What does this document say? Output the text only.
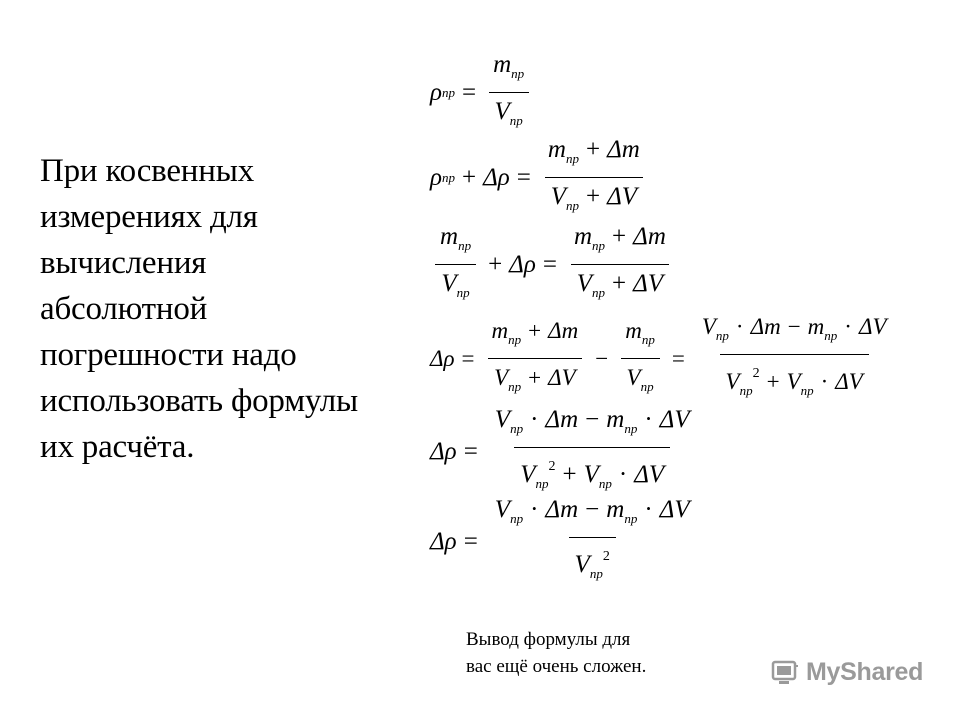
При косвенных
измерениях для
вычисления
абсолютной
погрешности надо
использовать формулы
их расчёта.
ρ пр = $\frac{m_{пр}}{V_{пр}}$
ρ пр + $\Delta\rho = \frac{m_{пр} + \Delta m}{V_{пр} + \Delta V}$
$\frac{m_{пр}}{V_{пр}} + \Delta\rho = \frac{m_{пр} + \Delta m}{V_{пр} + \Delta V}$
$\Delta\rho = \frac{m_{пр} + \Delta m}{V_{пр} + \Delta V} - \frac{m_{пр}}{V_{пр}} = \frac{V_{пр} \cdot \Delta m - m_{пр} \cdot \Delta V}{V_{пр}^2 + V_{пр} \cdot \Delta V}$
$\Delta\rho = \frac{V_{пр} \cdot \Delta m - m_{пр} \cdot \Delta V}{V_{пр}^2 + V_{пр} \cdot \Delta V}$
$\Delta\rho = \frac{V_{пр} \cdot \Delta m - m_{пр} \cdot \Delta V}{V_{пр}^2}$
Вывод формулы для
вас ещё очень сложен.	MyShared
